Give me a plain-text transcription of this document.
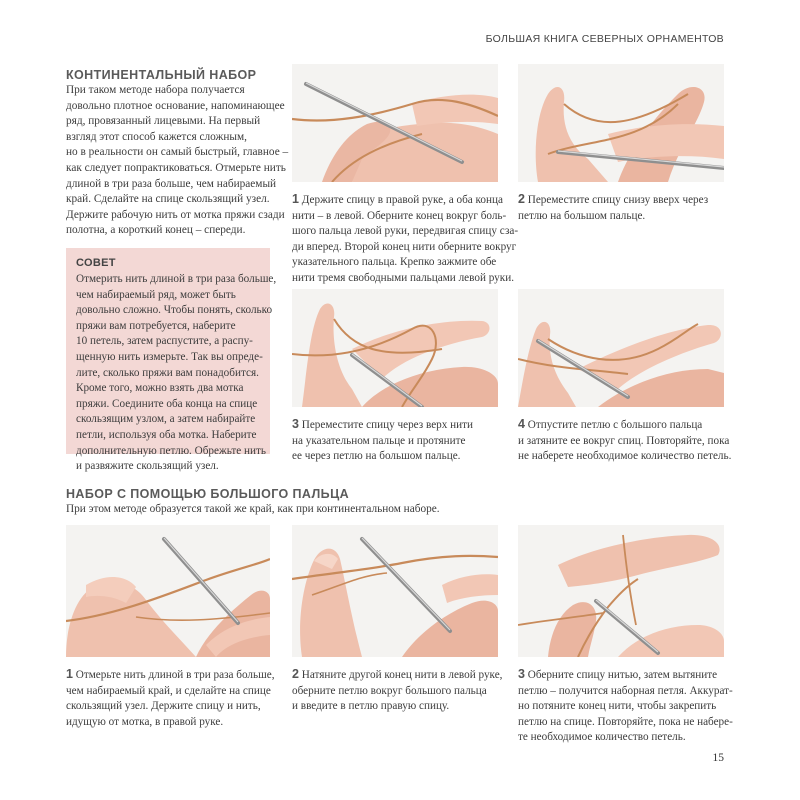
БОЛЬШАЯ КНИГА СЕВЕРНЫХ ОРНАМЕНТОВ
КОНТИНЕНТАЛЬНЫЙ НАБОР
При таком методе набора получается
довольно плотное основание, напоминающее
ряд, провязанный лицевыми. На первый
взгляд этот способ кажется сложным,
но в реальности он самый быстрый, главное –
как следует попрактиковаться. Отмерьте нить
длиной в три раза больше, чем набираемый
край. Сделайте на спице скользящий узел.
Держите рабочую нить от мотка пряжи сзади
полотна, а короткий конец – спереди.
СОВЕТ
Отмерить нить длиной в три раза больше,
чем набираемый ряд, может быть
довольно сложно. Чтобы понять, сколько
пряжи вам потребуется, наберите
10 петель, затем распустите, а распу-
щенную нить измерьте. Так вы опреде-
лите, сколько пряжи вам понадобится.
Кроме того, можно взять два мотка
пряжи. Соедините оба конца на спице
скользящим узлом, а затем набирайте
петли, используя оба мотка. Наберите
дополнительную петлю. Обрежьте нить
и развяжите скользящий узел.
1 Держите спицу в правой руке, а оба конца
нити – в левой. Оберните конец вокруг боль-
шого пальца левой руки, передвигая спицу сза-
ди вперед. Второй конец нити оберните вокруг
указательного пальца. Крепко зажмите обе
нити тремя свободными пальцами левой руки.
2 Переместите спицу снизу вверх через
петлю на большом пальце.
3 Переместите спицу через верх нити
на указательном пальце и протяните
ее через петлю на большом пальце.
4 Отпустите петлю с большого пальца
и затяните ее вокруг спиц. Повторяйте, пока
не наберете необходимое количество петель.
НАБОР С ПОМОЩЬЮ БОЛЬШОГО ПАЛЬЦА
При этом методе образуется такой же край, как при континентальном наборе.
1 Отмерьте нить длиной в три раза больше,
чем набираемый край, и сделайте на спице
скользящий узел. Держите спицу и нить,
идущую от мотка, в правой руке.
2 Натяните другой конец нити в левой руке,
оберните петлю вокруг большого пальца
и введите в петлю правую спицу.
3 Оберните спицу нитью, затем вытяните
петлю – получится наборная петля. Аккурат-
но потяните конец нити, чтобы закрепить
петлю на спице. Повторяйте, пока не набере-
те необходимое количество петель.
15
